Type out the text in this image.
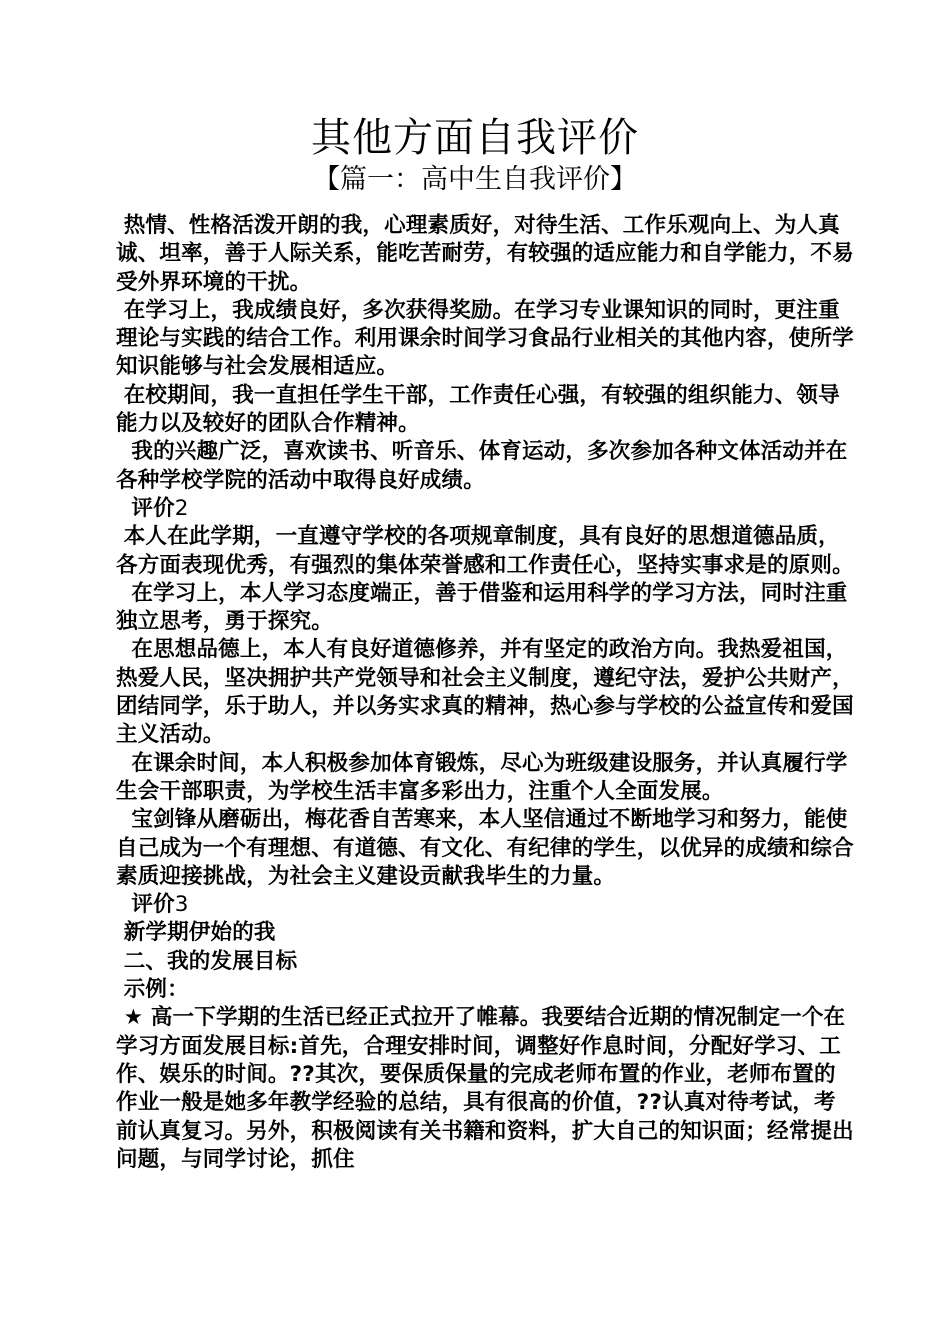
其他方面自我评价
【篇一：高中生自我评价】

热情、性格活泼开朗的我，心理素质好，对待生活、工作乐观向上、为人真诚、坦率，善于人际关系，能吃苦耐劳，有较强的适应能力和自学能力，不易受外界环境的干扰。

在学习上，我成绩良好，多次获得奖励。在学习专业课知识的同时，更注重理论与实践的结合工作。利用课余时间学习食品行业相关的其他内容，使所学知识能够与社会发展相适应。

在校期间，我一直担任学生干部，工作责任心强，有较强的组织能力、领导能力以及较好的团队合作精神。

我的兴趣广泛，喜欢读书、听音乐、体育运动，多次参加各种文体活动并在各种学校学院的活动中取得良好成绩。

评价2

本人在此学期，一直遵守学校的各项规章制度，具有良好的思想道德品质，各方面表现优秀，有强烈的集体荣誉感和工作责任心，坚持实事求是的原则。

在学习上，本人学习态度端正，善于借鉴和运用科学的学习方法，同时注重独立思考，勇于探究。

在思想品德上，本人有良好道德修养，并有坚定的政治方向。我热爱祖国，热爱人民，坚决拥护共产党领导和社会主义制度，遵纪守法，爱护公共财产，团结同学，乐于助人，并以务实求真的精神，热心参与学校的公益宣传和爱国主义活动。

在课余时间，本人积极参加体育锻炼，尽心为班级建设服务，并认真履行学生会干部职责，为学校生活丰富多彩出力，注重个人全面发展。

宝剑锋从磨砺出，梅花香自苦寒来，本人坚信通过不断地学习和努力，能使自己成为一个有理想、有道德、有文化、有纪律的学生，以优异的成绩和综合素质迎接挑战，为社会主义建设贡献我毕生的力量。

评价3

新学期伊始的我

二、我的发展目标

示例：

★ 高一下学期的生活已经正式拉开了帷幕。我要结合近期的情况制定一个在学习方面发展目标:首先，合理安排时间，调整好作息时间，分配好学习、工作、娱乐的时间。??其次，要保质保量的完成老师布置的作业，老师布置的作业一般是她多年教学经验的总结，具有很高的价值，??认真对待考试，考前认真复习。另外，积极阅读有关书籍和资料，扩大自己的知识面；经常提出问题，与同学讨论，抓住
